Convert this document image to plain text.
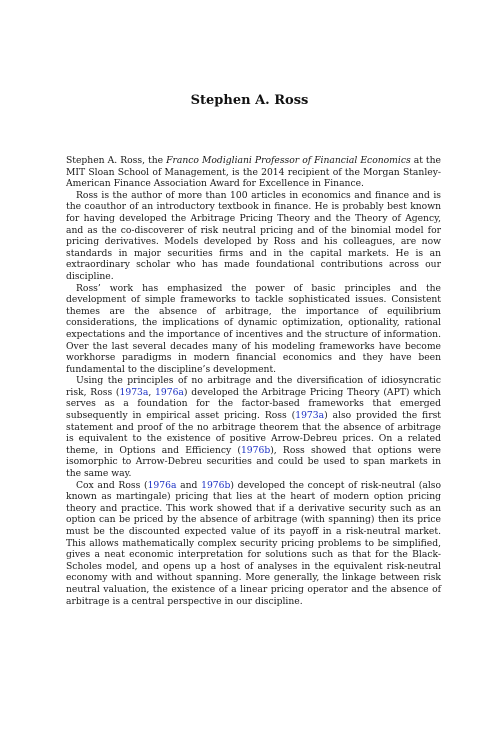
Stephen A. Ross

Stephen A. Ross, the Franco Modigliani Professor of Financial Economics at the MIT Sloan School of Management, is the 2014 recipient of the Morgan Stanley-American Finance Association Award for Excellence in Finance.

Ross is the author of more than 100 articles in economics and finance and is the coauthor of an introductory textbook in finance. He is probably best known for having developed the Arbitrage Pricing Theory and the Theory of Agency, and as the co-discoverer of risk neutral pricing and of the binomial model for pricing derivatives. Models developed by Ross and his colleagues, are now standards in major securities firms and in the capital markets. He is an extraordinary scholar who has made foundational contributions across our discipline.

Ross’ work has emphasized the power of basic principles and the development of simple frameworks to tackle sophisticated issues. Consistent themes are the absence of arbitrage, the importance of equilibrium considerations, the implications of dynamic optimization, optionality, rational expectations and the importance of incentives and the structure of information. Over the last several decades many of his modeling frameworks have become workhorse paradigms in modern financial economics and they have been fundamental to the discipline’s development.

Using the principles of no arbitrage and the diversification of idiosyncratic risk, Ross (1973a, 1976a) developed the Arbitrage Pricing Theory (APT) which serves as a foundation for the factor-based frameworks that emerged subsequently in empirical asset pricing. Ross (1973a) also provided the first statement and proof of the no arbitrage theorem that the absence of arbitrage is equivalent to the existence of positive Arrow-Debreu prices. On a related theme, in Options and Efficiency (1976b), Ross showed that options were isomorphic to Arrow-Debreu securities and could be used to span markets in the same way.

Cox and Ross (1976a and 1976b) developed the concept of risk-neutral (also known as martingale) pricing that lies at the heart of modern option pricing theory and practice. This work showed that if a derivative security such as an option can be priced by the absence of arbitrage (with spanning) then its price must be the discounted expected value of its payoff in a risk-neutral market. This allows mathematically complex security pricing problems to be simplified, gives a neat economic interpretation for solutions such as that for the Black-Scholes model, and opens up a host of analyses in the equivalent risk-neutral economy with and without spanning. More generally, the linkage between risk neutral valuation, the existence of a linear pricing operator and the absence of arbitrage is a central perspective in our discipline.
